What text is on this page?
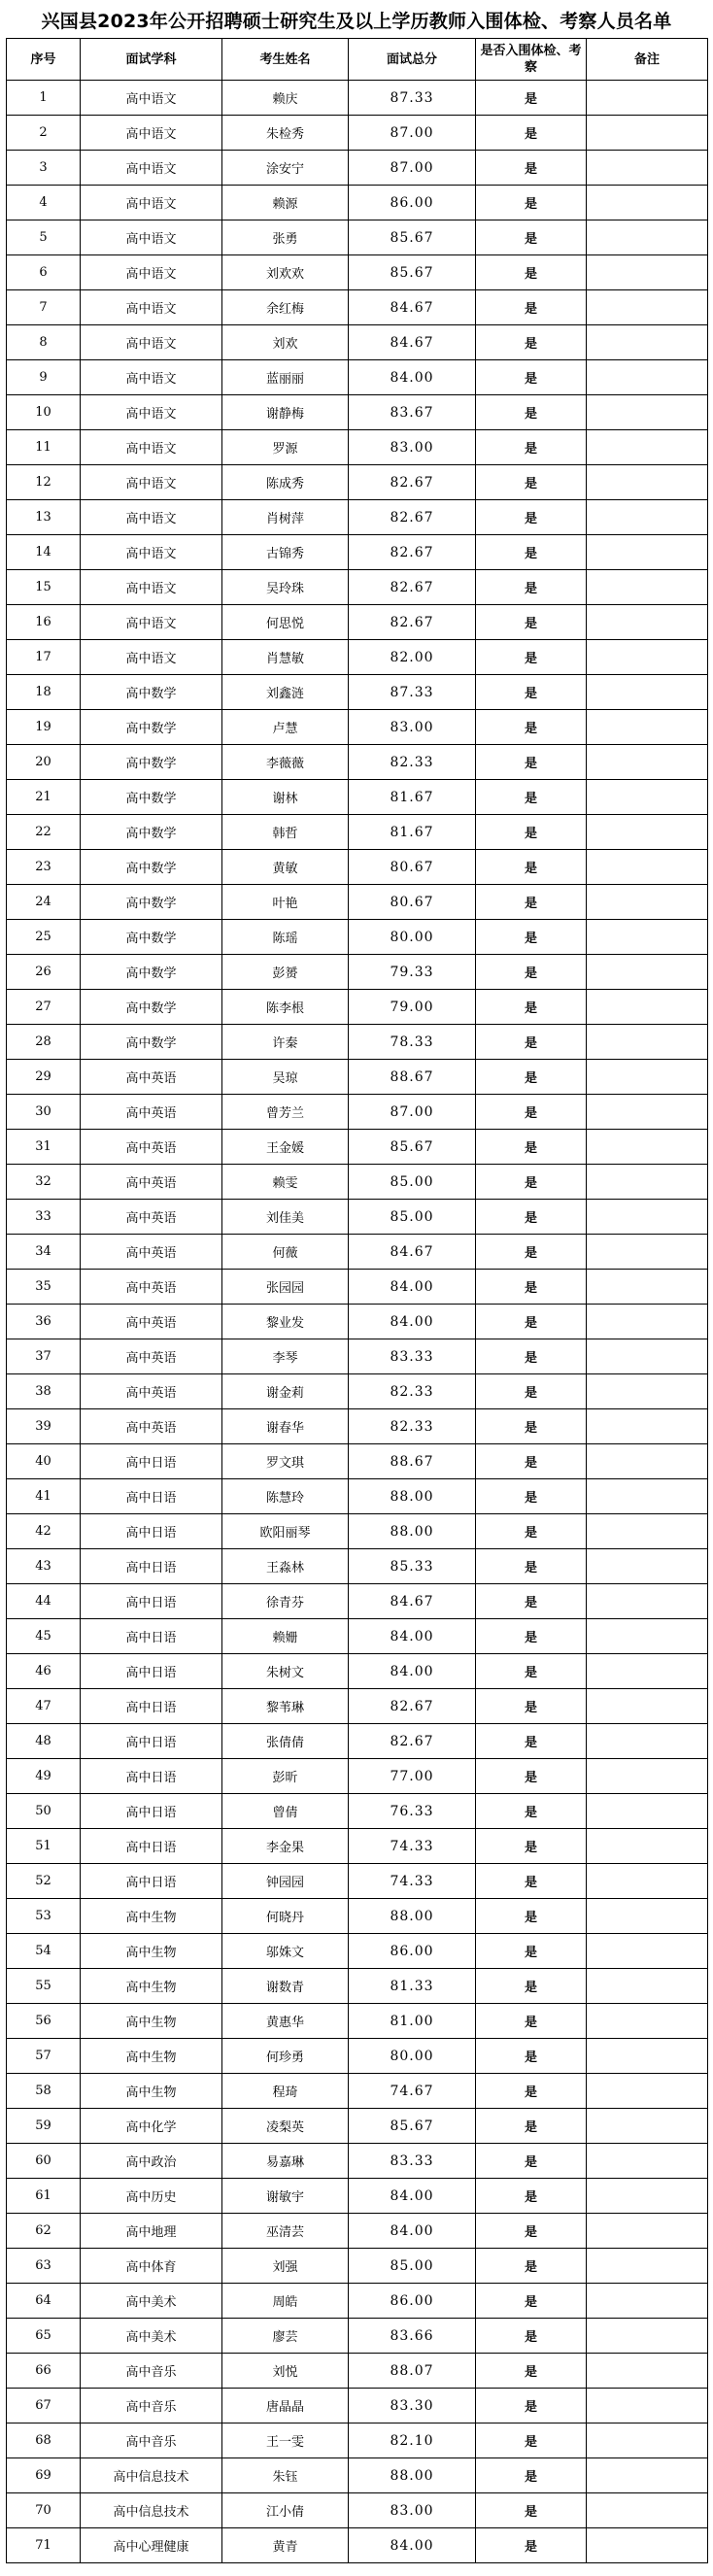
兴国县2023年公开招聘硕士研究生及以上学历教师入围体检、考察人员名单
序号	面试学科	考生姓名	面试总分	是否入围体检、考察	备注
1	高中语文	赖庆	87.33	是	
2	高中语文	朱检秀	87.00	是	
3	高中语文	涂安宁	87.00	是	
4	高中语文	赖源	86.00	是	
5	高中语文	张勇	85.67	是	
6	高中语文	刘欢欢	85.67	是	
7	高中语文	余红梅	84.67	是	
8	高中语文	刘欢	84.67	是	
9	高中语文	蓝丽丽	84.00	是	
10	高中语文	谢静梅	83.67	是	
11	高中语文	罗源	83.00	是	
12	高中语文	陈成秀	82.67	是	
13	高中语文	肖树萍	82.67	是	
14	高中语文	古锦秀	82.67	是	
15	高中语文	吴玲珠	82.67	是	
16	高中语文	何思悦	82.67	是	
17	高中语文	肖慧敏	82.00	是	
18	高中数学	刘鑫涟	87.33	是	
19	高中数学	卢慧	83.00	是	
20	高中数学	李薇薇	82.33	是	
21	高中数学	谢林	81.67	是	
22	高中数学	韩哲	81.67	是	
23	高中数学	黄敏	80.67	是	
24	高中数学	叶艳	80.67	是	
25	高中数学	陈瑶	80.00	是	
26	高中数学	彭赟	79.33	是	
27	高中数学	陈李根	79.00	是	
28	高中数学	许秦	78.33	是	
29	高中英语	吴琼	88.67	是	
30	高中英语	曾芳兰	87.00	是	
31	高中英语	王金媛	85.67	是	
32	高中英语	赖雯	85.00	是	
33	高中英语	刘佳美	85.00	是	
34	高中英语	何薇	84.67	是	
35	高中英语	张园园	84.00	是	
36	高中英语	黎业发	84.00	是	
37	高中英语	李琴	83.33	是	
38	高中英语	谢金莉	82.33	是	
39	高中英语	谢春华	82.33	是	
40	高中日语	罗文琪	88.67	是	
41	高中日语	陈慧玲	88.00	是	
42	高中日语	欧阳丽琴	88.00	是	
43	高中日语	王淼林	85.33	是	
44	高中日语	徐青芬	84.67	是	
45	高中日语	赖姗	84.00	是	
46	高中日语	朱树文	84.00	是	
47	高中日语	黎苇琳	82.67	是	
48	高中日语	张倩倩	82.67	是	
49	高中日语	彭昕	77.00	是	
50	高中日语	曾倩	76.33	是	
51	高中日语	李金果	74.33	是	
52	高中日语	钟园园	74.33	是	
53	高中生物	何晓丹	88.00	是	
54	高中生物	邬姝文	86.00	是	
55	高中生物	谢数青	81.33	是	
56	高中生物	黄惠华	81.00	是	
57	高中生物	何珍勇	80.00	是	
58	高中生物	程琦	74.67	是	
59	高中化学	凌梨英	85.67	是	
60	高中政治	易嘉琳	83.33	是	
61	高中历史	谢敏宇	84.00	是	
62	高中地理	巫清芸	84.00	是	
63	高中体育	刘强	85.00	是	
64	高中美术	周皓	86.00	是	
65	高中美术	廖芸	83.66	是	
66	高中音乐	刘悦	88.07	是	
67	高中音乐	唐晶晶	83.30	是	
68	高中音乐	王一雯	82.10	是	
69	高中信息技术	朱钰	88.00	是	
70	高中信息技术	江小倩	83.00	是	
71	高中心理健康	黄青	84.00	是	
